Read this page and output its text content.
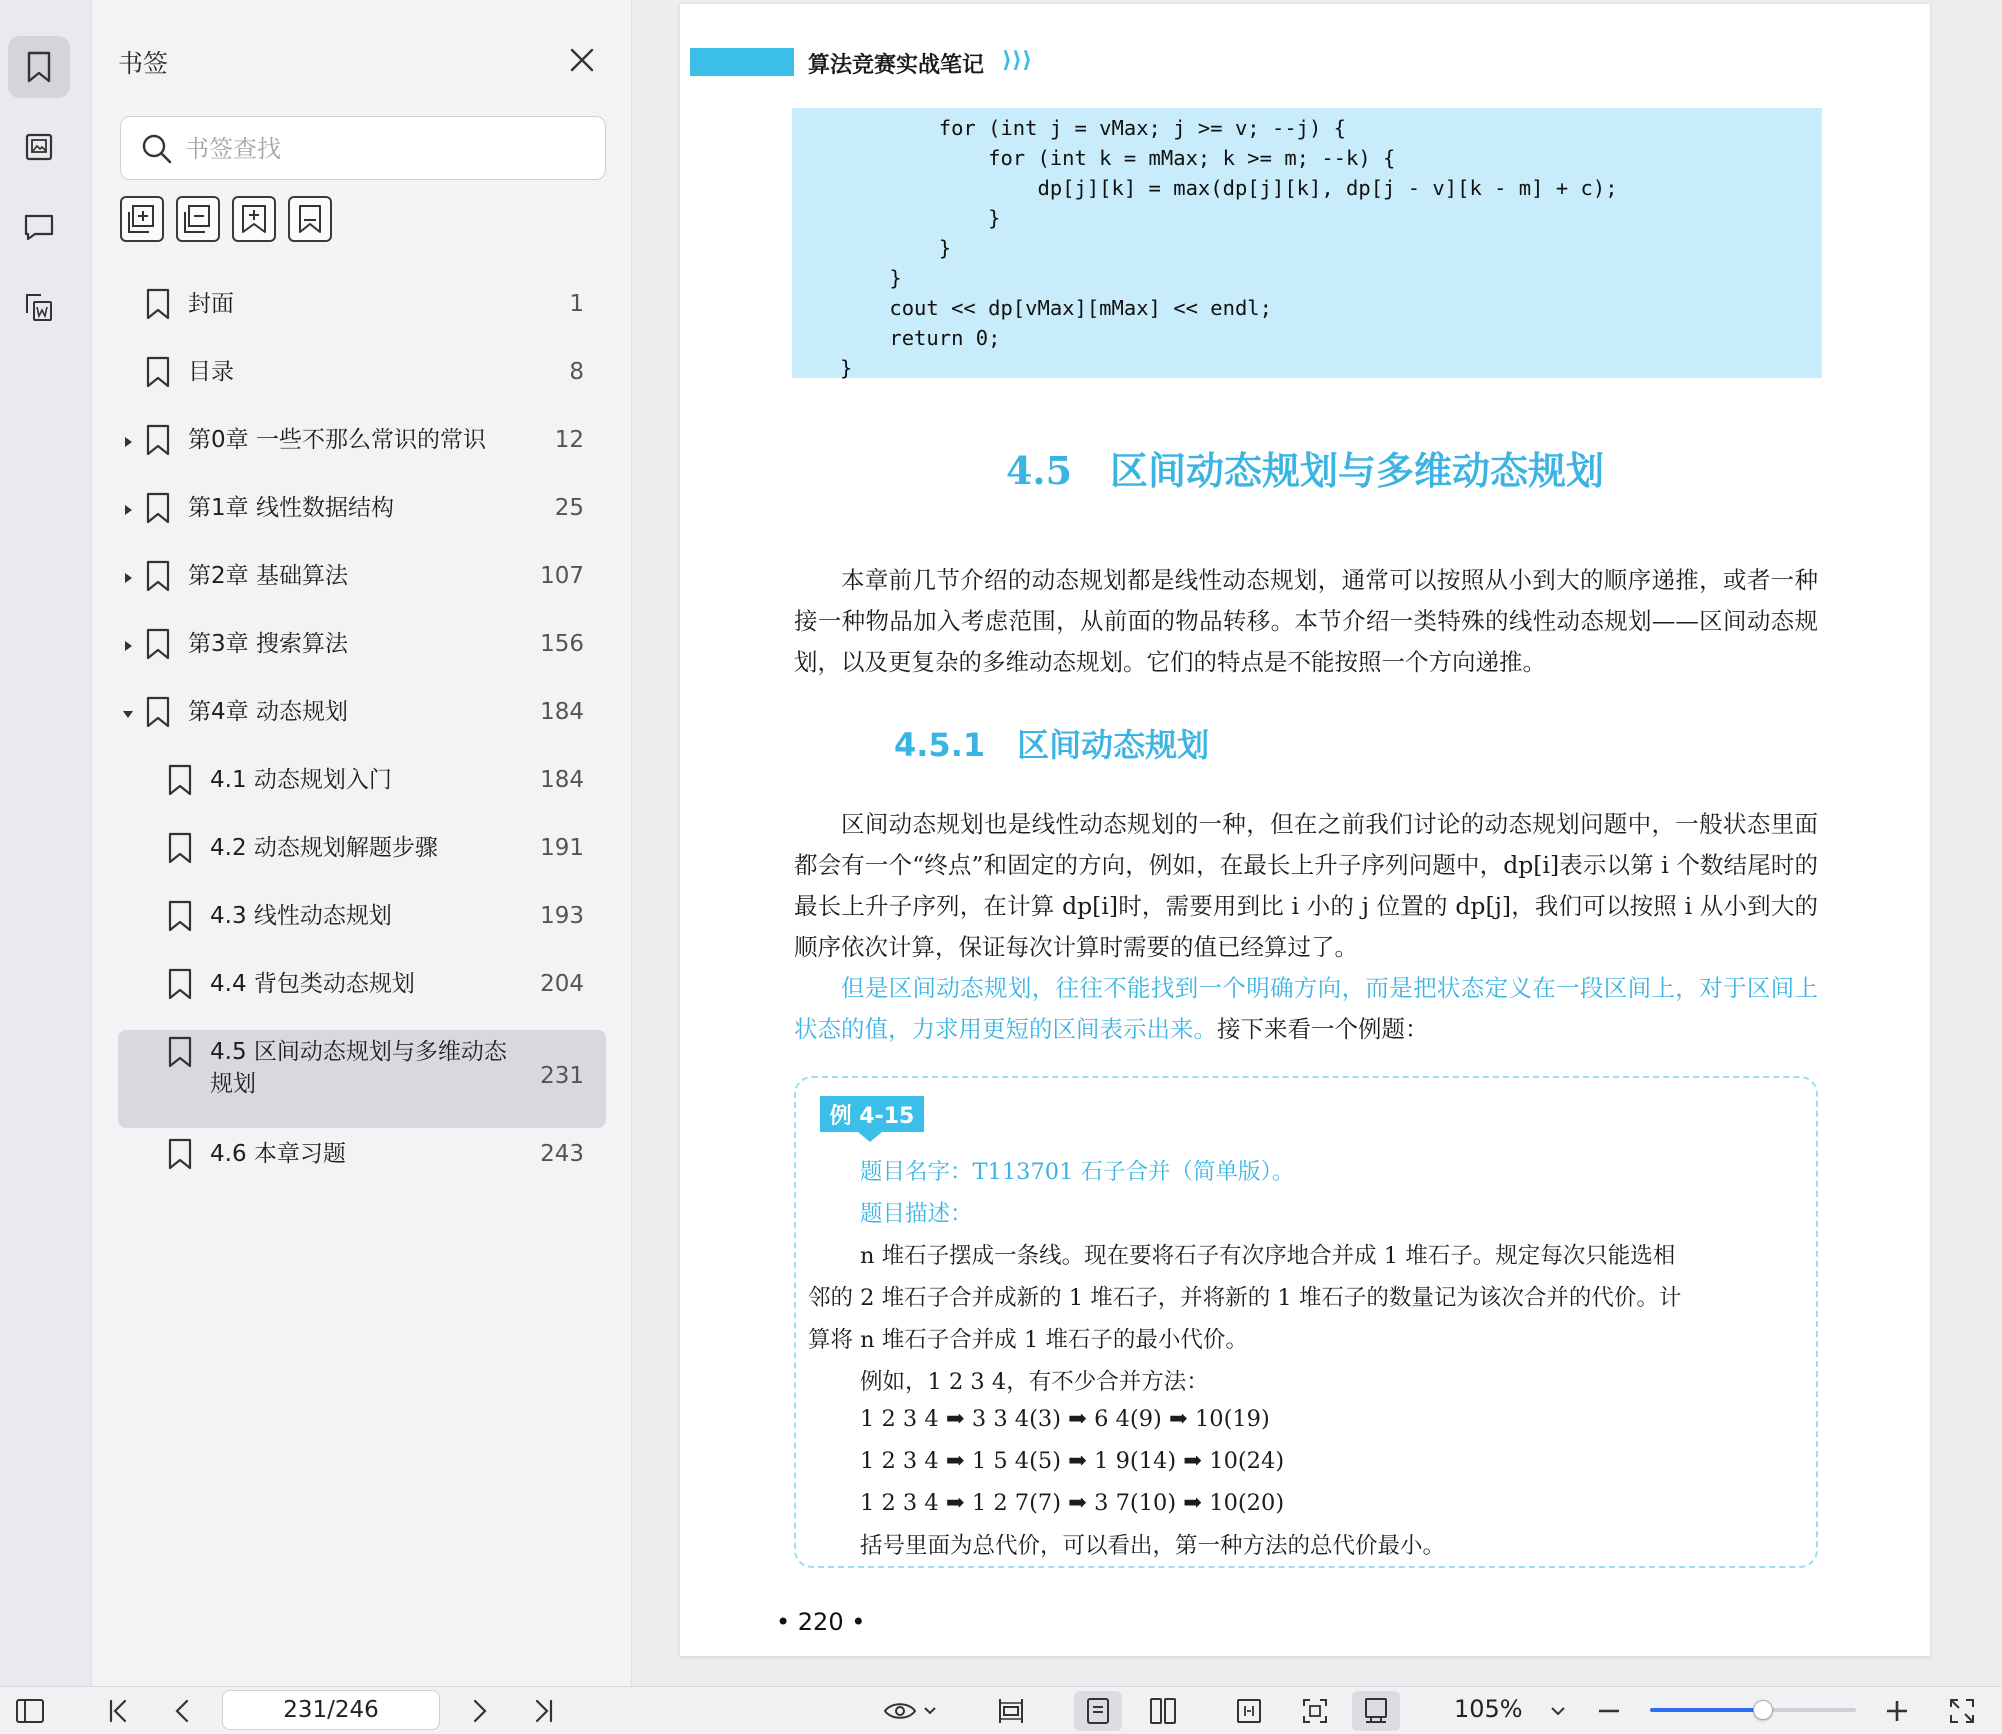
书签
书签查找
封面	1
目录	8
第0章 一些不那么常识的常识	12
第1章 线性数据结构	25
第2章 基础算法	107
第3章 搜索算法	156
第4章 动态规划	184
4.1 动态规划入门	184
4.2 动态规划解题步骤	191
4.3 线性动态规划	193
4.4 背包类动态规划	204
4.5 区间动态规划与多维动态
规划	231
4.6 本章习题	243
算法竞赛实战笔记 ⟩⟩⟩
for (int j = vMax; j >= v; --j) {
for (int k = mMax; k >= m; --k) {
dp[j][k] = max(dp[j][k], dp[j - v][k - m] + c);
}
}
}
cout << dp[vMax][mMax] << endl;
return 0;
}
4.5　区间动态规划与多维动态规划
本章前几节介绍的动态规划都是线性动态规划，通常可以按照从小到大的顺序递推，或者一种接一种物品加入考虑范围，从前面的物品转移。本节介绍一类特殊的线性动态规划——区间动态规划，以及更复杂的多维动态规划。它们的特点是不能按照一个方向递推。
4.5.1　区间动态规划
区间动态规划也是线性动态规划的一种，但在之前我们讨论的动态规划问题中，一般状态里面都会有一个“终点”和固定的方向，例如，在最长上升子序列问题中，dp[i]表示以第 i 个数结尾时的最长上升子序列，在计算 dp[i]时，需要用到比 i 小的 j 位置的 dp[j]，我们可以按照 i 从小到大的顺序依次计算，保证每次计算时需要的值已经算过了。
但是区间动态规划，往往不能找到一个明确方向，而是把状态定义在一段区间上，对于区间上状态的值，力求用更短的区间表示出来。接下来看一个例题：
例 4-15
题目名字：T113701 石子合并（简单版）。
题目描述：
n 堆石子摆成一条线。现在要将石子有次序地合并成 1 堆石子。规定每次只能选相
邻的 2 堆石子合并成新的 1 堆石子，并将新的 1 堆石子的数量记为该次合并的代价。计
算将 n 堆石子合并成 1 堆石子的最小代价。
例如，1 2 3 4，有不少合并方法：
1 2 3 4 ➡ 3 3 4(3) ➡ 6 4(9) ➡ 10(19)
1 2 3 4 ➡ 1 5 4(5) ➡ 1 9(14) ➡ 10(24)
1 2 3 4 ➡ 1 2 7(7) ➡ 3 7(10) ➡ 10(20)
括号里面为总代价，可以看出，第一种方法的总代价最小。
• 220 •
231/246
105%
